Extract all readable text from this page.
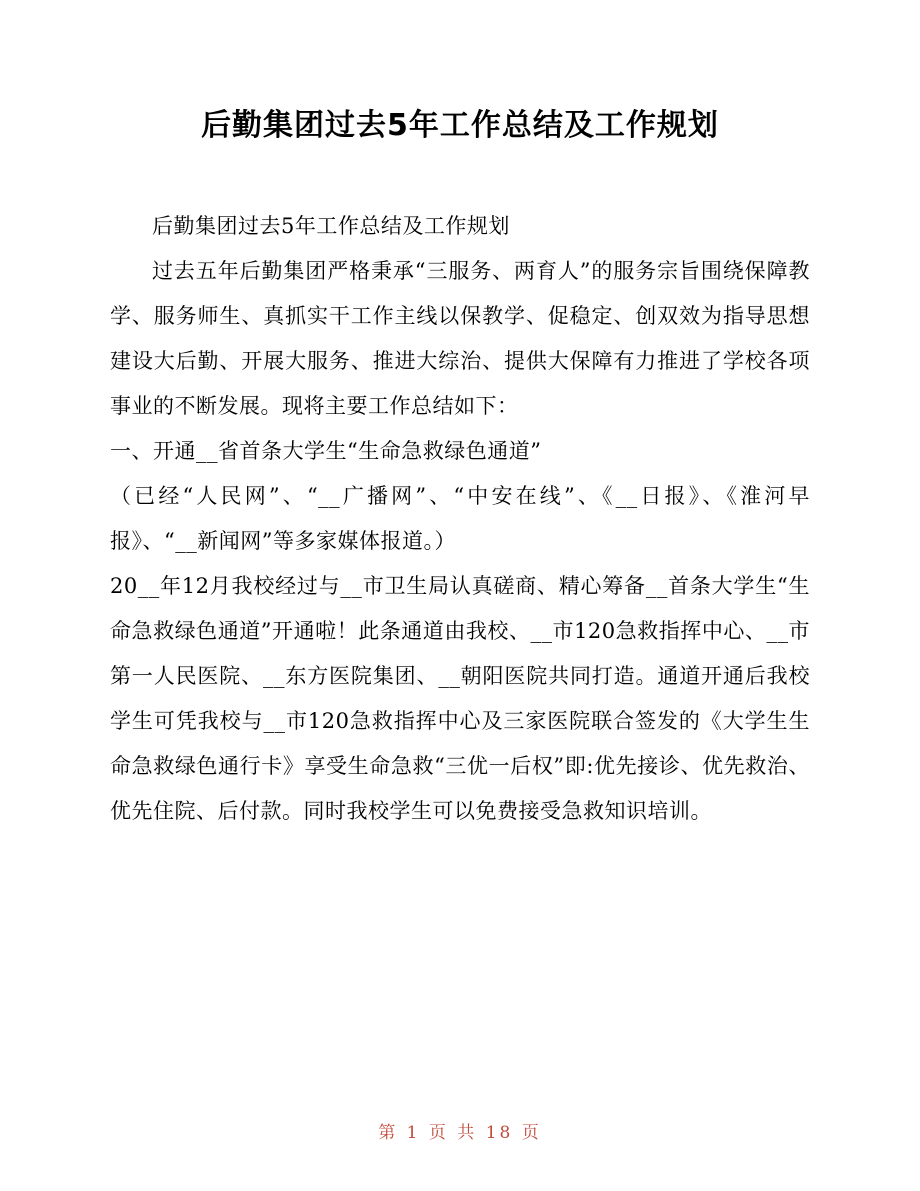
后勤集团过去5年工作总结及工作规划

后勤集团过去5年工作总结及工作规划

过去五年后勤集团严格秉承“三服务、两育人”的服务宗旨围绕保障教学、服务师生、真抓实干工作主线以保教学、促稳定、创双效为指导思想建设大后勤、开展大服务、推进大综治、提供大保障有力推进了学校各项事业的不断发展。现将主要工作总结如下：

一、开通__省首条大学生“生命急救绿色通道”

（已经“人民网”、“__广播网”、“中安在线”、《__日报》、《淮河早报》、“__新闻网”等多家媒体报道。）

20__年12月我校经过与__市卫生局认真磋商、精心筹备__首条大学生“生命急救绿色通道”开通啦！此条通道由我校、__市120急救指挥中心、__市第一人民医院、__东方医院集团、__朝阳医院共同打造。通道开通后我校学生可凭我校与__市120急救指挥中心及三家医院联合签发的《大学生生命急救绿色通行卡》享受生命急救“三优一后权”即:优先接诊、优先救治、优先住院、后付款。同时我校学生可以免费接受急救知识培训。

第 1 页 共 18 页
